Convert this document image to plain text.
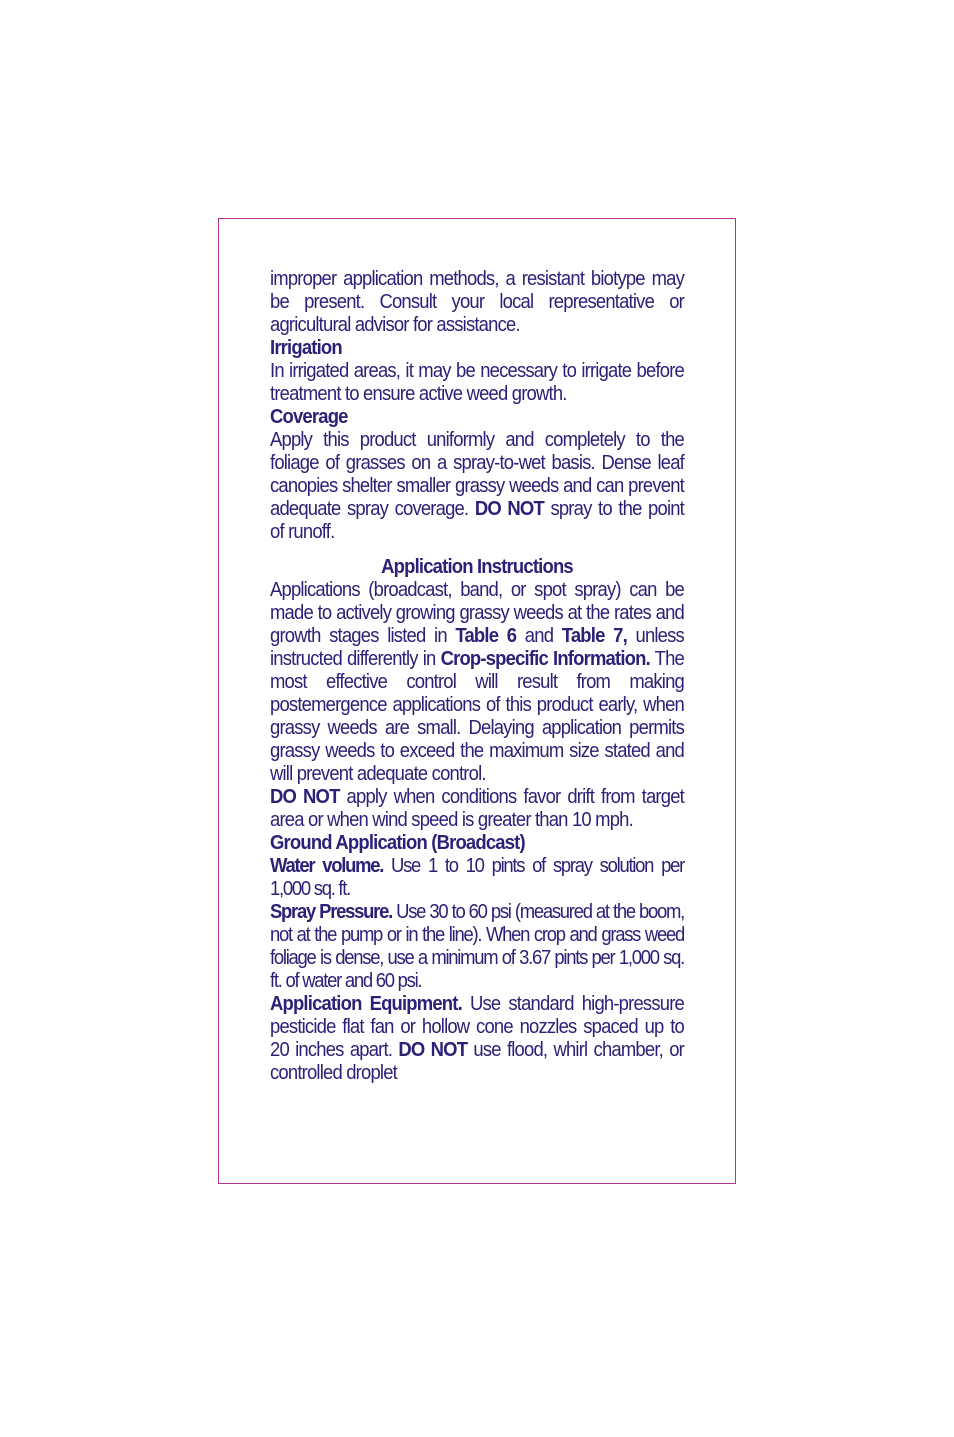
improper application methods, a resistant biotype may be present. Consult your local representative or agricultural advisor for assistance.

Irrigation

In irrigated areas, it may be necessary to irrigate before treatment to ensure active weed growth.

Coverage

Apply this product uniformly and completely to the foliage of grasses on a spray-to-wet basis. Dense leaf canopies shelter smaller grassy weeds and can prevent adequate spray coverage. DO NOT spray to the point of runoff.

Application Instructions

Applications (broadcast, band, or spot spray) can be made to actively growing grassy weeds at the rates and growth stages listed in Table 6 and Table 7, unless instructed differently in Crop-specific Information. The most effective control will result from making postemergence applications of this product early, when grassy weeds are small. Delaying application permits grassy weeds to exceed the maximum size stated and will prevent adequate control.

DO NOT apply when conditions favor drift from target area or when wind speed is greater than 10 mph.

Ground Application (Broadcast)

Water volume. Use 1 to 10 pints of spray solution per 1,000 sq. ft.

Spray Pressure. Use 30 to 60 psi (measured at the boom, not at the pump or in the line). When crop and grass weed foliage is dense, use a minimum of 3.67 pints per 1,000 sq. ft. of water and 60 psi.

Application Equipment. Use standard high-pressure pesticide flat fan or hollow cone nozzles spaced up to 20 inches apart. DO NOT use flood, whirl chamber, or controlled droplet
